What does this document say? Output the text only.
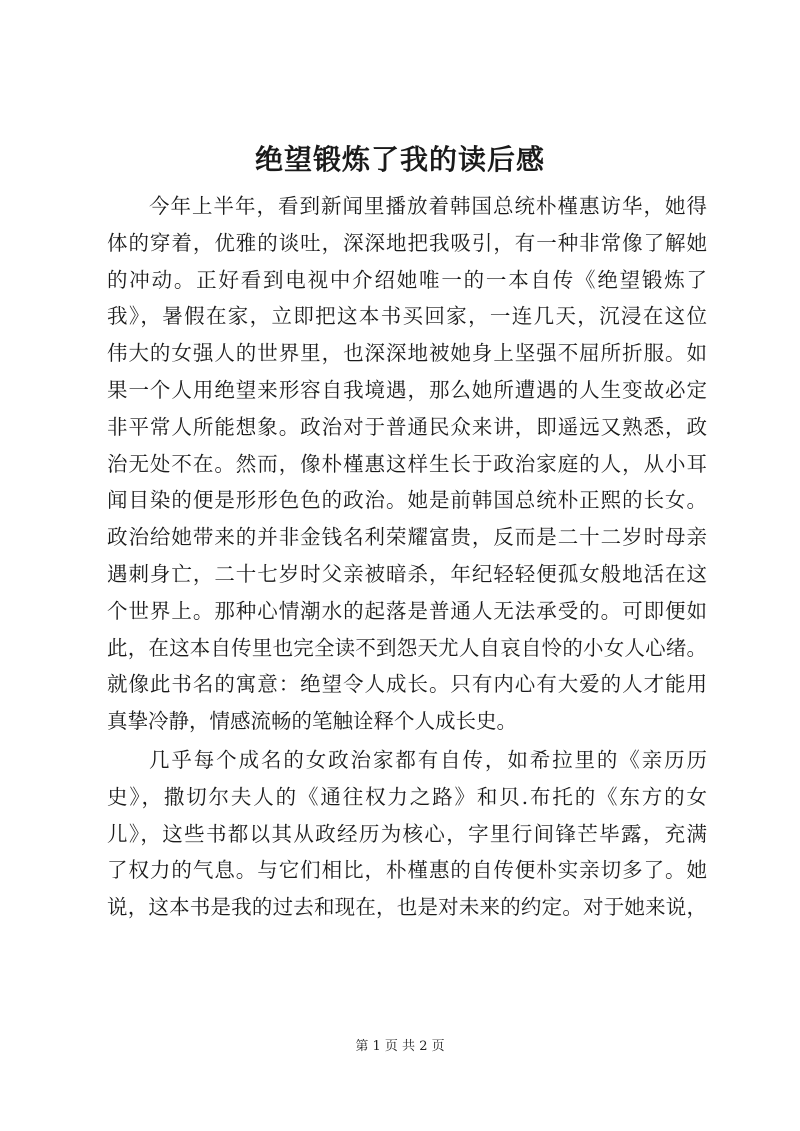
绝望锻炼了我的读后感
今年上半年，看到新闻里播放着韩国总统朴槿惠访华，她得
体的穿着，优雅的谈吐，深深地把我吸引，有一种非常像了解她
的冲动。正好看到电视中介绍她唯一的一本自传《绝望锻炼了
我》，暑假在家，立即把这本书买回家，一连几天，沉浸在这位
伟大的女强人的世界里，也深深地被她身上坚强不屈所折服。如
果一个人用绝望来形容自我境遇，那么她所遭遇的人生变故必定
非平常人所能想象。政治对于普通民众来讲，即遥远又熟悉，政
治无处不在。然而，像朴槿惠这样生长于政治家庭的人，从小耳
闻目染的便是形形色色的政治。她是前韩国总统朴正熙的长女。
政治给她带来的并非金钱名利荣耀富贵，反而是二十二岁时母亲
遇刺身亡，二十七岁时父亲被暗杀，年纪轻轻便孤女般地活在这
个世界上。那种心情潮水的起落是普通人无法承受的。可即便如
此，在这本自传里也完全读不到怨天尤人自哀自怜的小女人心绪。
就像此书名的寓意：绝望令人成长。只有内心有大爱的人才能用
真挚冷静，情感流畅的笔触诠释个人成长史。
几乎每个成名的女政治家都有自传，如希拉里的《亲历历
史》，撒切尔夫人的《通往权力之路》和贝.布托的《东方的女
儿》，这些书都以其从政经历为核心，字里行间锋芒毕露，充满
了权力的气息。与它们相比，朴槿惠的自传便朴实亲切多了。她
说，这本书是我的过去和现在，也是对未来的约定。对于她来说，
第 1 页 共 2 页
